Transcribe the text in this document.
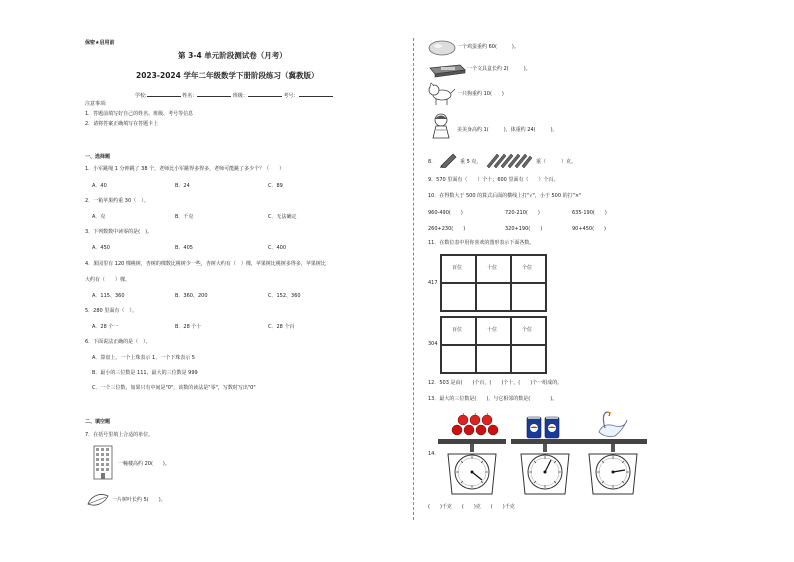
保密★启用前
第 3-4 单元阶段测试卷（月考）
2023-2024 学年二年级数学下册阶段练习（冀教版）
学校:	姓名：	班级：	考号：
注意事项:
1．答题前填写好自己的姓名、班级、考号等信息
2．请将答案正确填写在答题卡上
一、选择题
1．小军跳绳 1 分钟跳了 38 个，老师比小军跳得多得多，老师可能跳了多少个？（　　）
A．40	B．24	C．89
2．一箱苹果约重 30（　）。
A．克	B．千克	C．无法确定
3．下列数数中读零的是(　)。
A．450	B．405	C．400
4．果园里有 120 棵桃树，杏树的棵数比桃树少一些，杏树大约有（　）棵，苹果树比桃树多得多，苹果树比
大约有（　　）棵。
A．115、360	B．360、200	C．152、360
5．280 里面有（　）。
A．28 个一	B．28 个十	C．28 个百
6．下面说法正确的是（　）。
A．算盘上，一个上珠表示 1，一个下珠表示 5
B．最小的三位数是 111，最大的三位数是 999
C．一个三位数，如果只有中间是"0"，该数的读法是"零"，写数时写出"0"
二、填空题
7．在括号里填上合适的单位。
一幢楼高约 20(　　)。
一片树叶长约 5(　　)。
一个鸡蛋重约 60(　　　)。
一个文具盒长约 2(　　　)。
一只狗重约 10(　　)
美美身高约 1(　　　)，体重约 24(　　　)。
8．	重 5 克，	重（　　　）克。
9．570 里面有（　　）个十；600 里面有（　　）个百。
10．在得数大于 500 的算式后面的横线上打"√"，小于 500 的打"×"
960-490(　　)	720-210(　　)	635-190(　　)
260+230(　　)	320+190(　　)	90+450(　　)
11．在数位表中用你喜欢的图形表示下面各数。
417
百位	十位	个位
304
百位	十位	个位
12．503 是由(　　)个百，(　　)个十，(　　)个一组成的。
13．最大的三位数是(　　)，与它相邻的数是(　　　　)。
14．
(　　)千克　　(　　)克　　(　　)千克
